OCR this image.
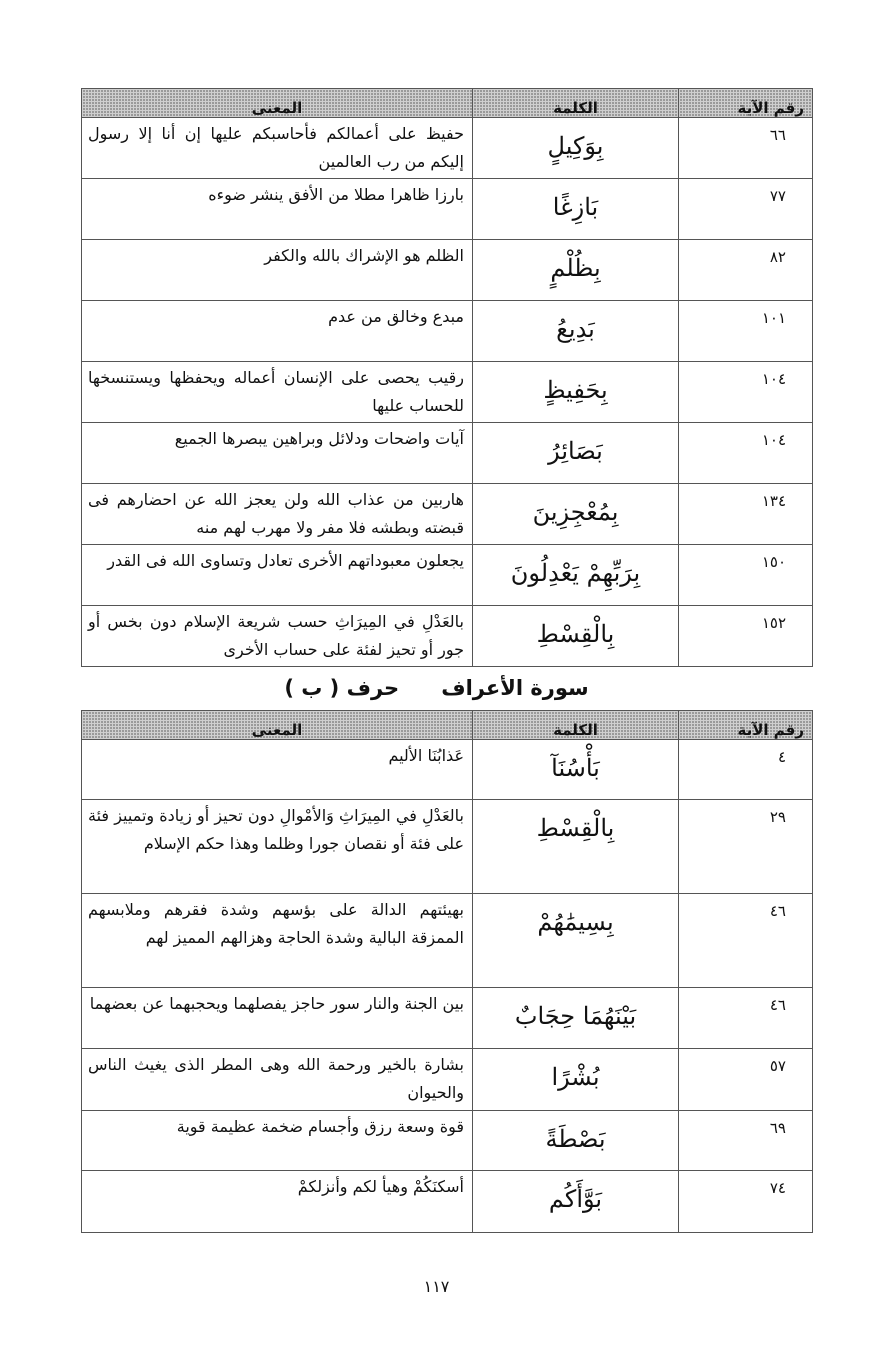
رقم الآية	الكلمة	المعنى
٦٦	بِوَكِيلٍ	حفيظ على أعمالكم فأحاسبكم عليها إن أنا إلا رسول إليكم من رب العالمين
٧٧	بَازِغًا	بارزا ظاهرا مطلا من الأفق ينشر ضوءه
٨٢	بِظُلْمٍ	الظلم هو الإشراك بالله والكفر
١٠١	بَدِيعُ	مبدع وخالق من عدم
١٠٤	بِحَفِيظٍ	رقيب يحصى على الإنسان أعماله ويحفظها ويستنسخها للحساب عليها
١٠٤	بَصَائِرُ	آيات واضحات ودلائل وبراهين يبصرها الجميع
١٣٤	بِمُعْجِزِينَ	هاربين من عذاب الله ولن يعجز الله عن احضارهم فى قبضته وبطشه فلا مفر ولا مهرب لهم منه
١٥٠	بِرَبِّهِمْ يَعْدِلُونَ	يجعلون معبوداتهم الأخرى تعادل وتساوى الله فى القدر
١٥٢	بِالْقِسْطِ	بالعَدْلِ في المِيرَاثِ حسب شريعة الإسلام دون بخس أو جور أو تحيز لفئة على حساب الأخرى
سورة الأعرافحرف ( ب )
رقم الآية	الكلمة	المعنى
٤	بَأْسُنَآ	عَذابُنَا الأليم
٢٩	بِالْقِسْطِ	بالعَدْلِ في المِيرَاثِ وَالأمْوالِ دون تحيز أو زيادة وتمييز فئة على فئة أو نقصان جورا وظلما وهذا حكم الإسلام
٤٦	بِسِيمَٰهُمْ	بهيئتهم الدالة على بؤسهم وشدة فقرهم وملابسهم الممزقة البالية وشدة الحاجة وهزالهم المميز لهم
٤٦	بَيْنَهُمَا حِجَابٌ	بين الجنة والنار سور حاجز يفصلهما ويحجبهما عن بعضهما
٥٧	بُشْرًا	بشارة بالخير ورحمة الله وهى المطر الذى يغيث الناس والحيوان
٦٩	بَصْطَةً	قوة وسعة رزق وأجسام ضخمة عظيمة قوية
٧٤	بَوَّأَكُم	أسكنَكُمْ وهيأ لكم وأنزلكمْ
١١٧
